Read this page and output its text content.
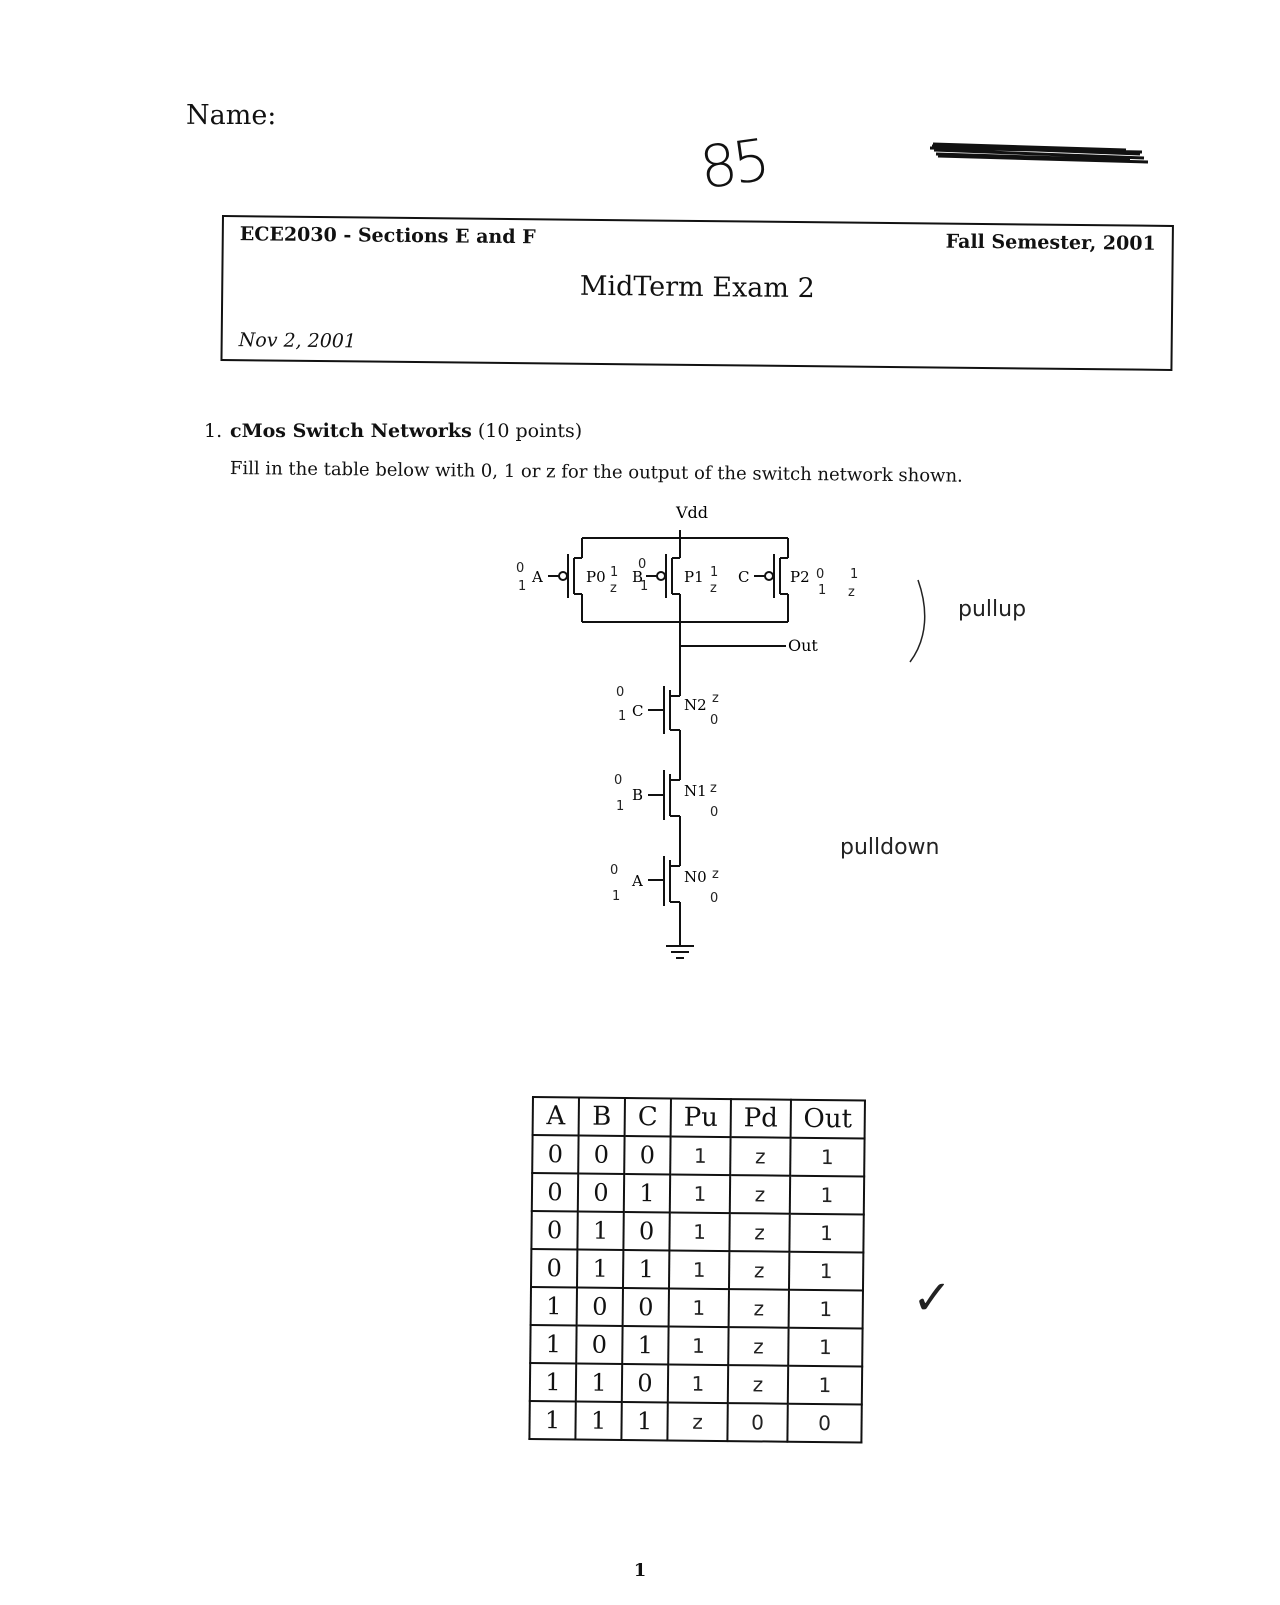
Name:
85
ECE2030 - Sections E and F	Fall Semester, 2001
MidTerm Exam 2
Nov 2, 2001
1. cMos Switch Networks (10 points)
Fill in the table below with 0, 1 or z for the output of the switch network shown.
Vdd
Out
A	P0 B	P1 C	P2
C	N2
B	N1
A	N0
0
1
1
z
0
1
1
z
0
1
1
z
0
1
z
0
0
1
z
0
0
1
z
0
pullup
pulldown
A	B	C	Pu	Pd	Out
0	0	0	1	z	1
0	0	1	1	z	1
0	1	0	1	z	1
0	1	1	1	z	1
1	0	0	1	z	1
1	0	1	1	z	1
1	1	0	1	z	1
1	1	1	z	0	0
✓
1
